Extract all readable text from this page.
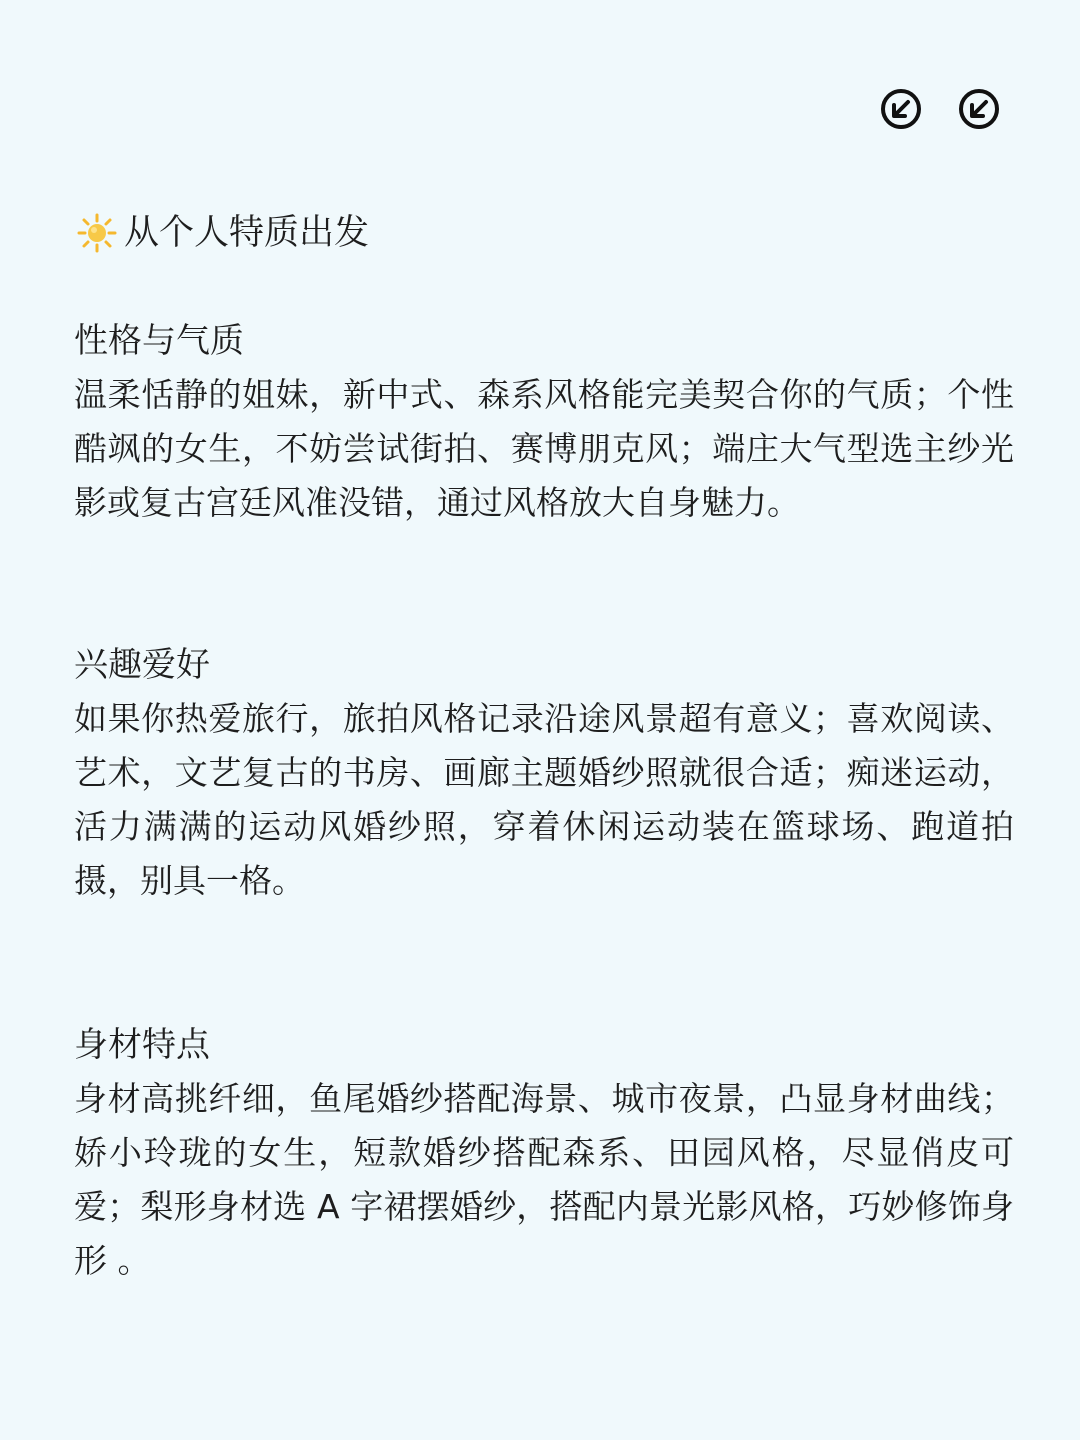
从个人特质出发
性格与气质
温柔恬静的姐妹，新中式、森系风格能完美契合你的气质；个性酷飒的女生，不妨尝试街拍、赛博朋克风；端庄大气型选主纱光影或复古宫廷风准没错，通过风格放大自身魅力。
兴趣爱好
如果你热爱旅行，旅拍风格记录沿途风景超有意义；喜欢阅读、艺术，文艺复古的书房、画廊主题婚纱照就很合适；痴迷运动，活力满满的运动风婚纱照，穿着休闲运动装在篮球场、跑道拍摄，别具一格。
身材特点
身材高挑纤细，鱼尾婚纱搭配海景、城市夜景，凸显身材曲线；娇小玲珑的女生，短款婚纱搭配森系、田园风格，尽显俏皮可爱；梨形身材选 A 字裙摆婚纱，搭配内景光影风格，巧妙修饰身形 。
